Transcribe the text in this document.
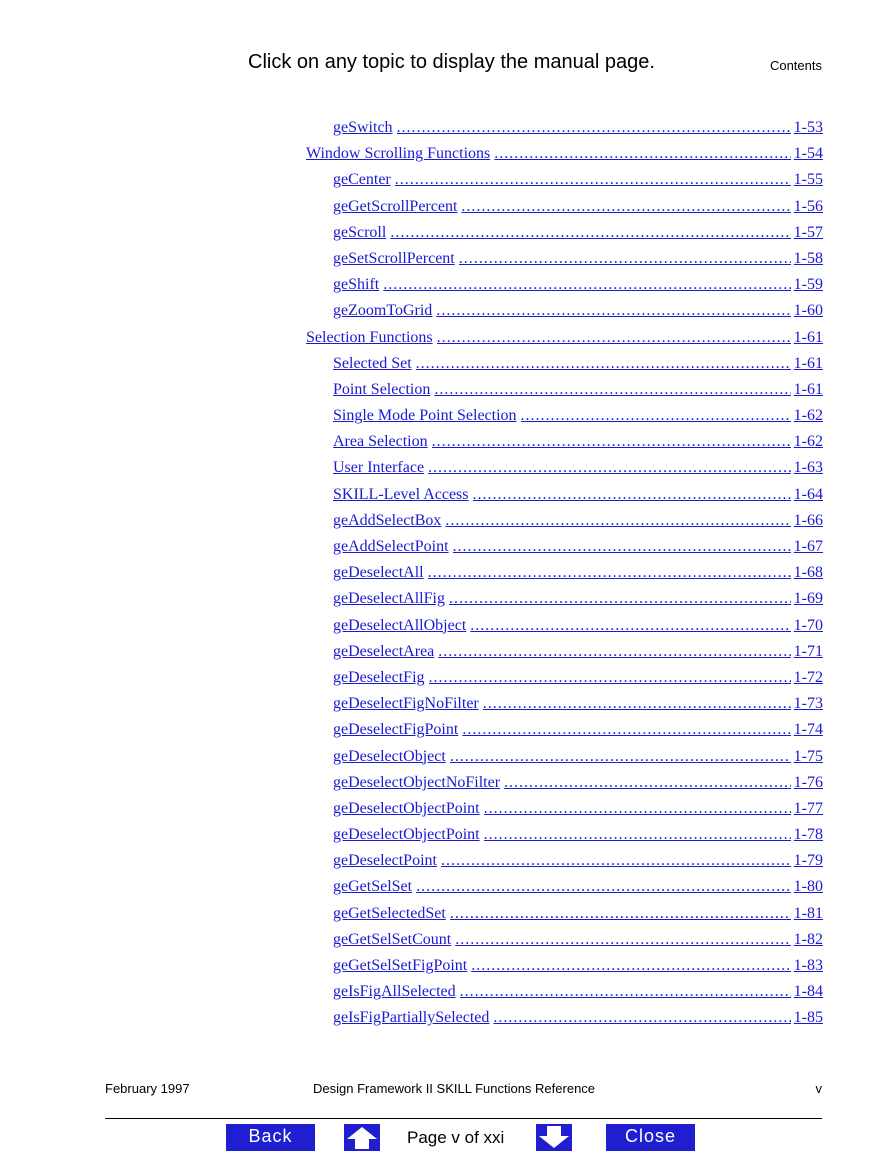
Click on any topic to display the manual page.	Contents
geSwitch .....	1-53
Window Scrolling Functions .....	1-54
geCenter .....	1-55
geGetScrollPercent .....	1-56
geScroll .....	1-57
geSetScrollPercent .....	1-58
geShift .....	1-59
geZoomToGrid .....	1-60
Selection Functions .....	1-61
Selected Set .....	1-61
Point Selection .....	1-61
Single Mode Point Selection .....	1-62
Area Selection .....	1-62
User Interface .....	1-63
SKILL-Level Access .....	1-64
geAddSelectBox .....	1-66
geAddSelectPoint .....	1-67
geDeselectAll .....	1-68
geDeselectAllFig .....	1-69
geDeselectAllObject .....	1-70
geDeselectArea .....	1-71
geDeselectFig .....	1-72
geDeselectFigNoFilter .....	1-73
geDeselectFigPoint .....	1-74
geDeselectObject .....	1-75
geDeselectObjectNoFilter .....	1-76
geDeselectObjectPoint .....	1-77
geDeselectObjectPoint .....	1-78
geDeselectPoint .....	1-79
geGetSelSet .....	1-80
geGetSelectedSet .....	1-81
geGetSelSetCount .....	1-82
geGetSelSetFigPoint .....	1-83
geIsFigAllSelected .....	1-84
geIsFigPartiallySelected .....	1-85
February 1997	Design Framework II SKILL Functions Reference	v
Back	Page v of xxi	Close
